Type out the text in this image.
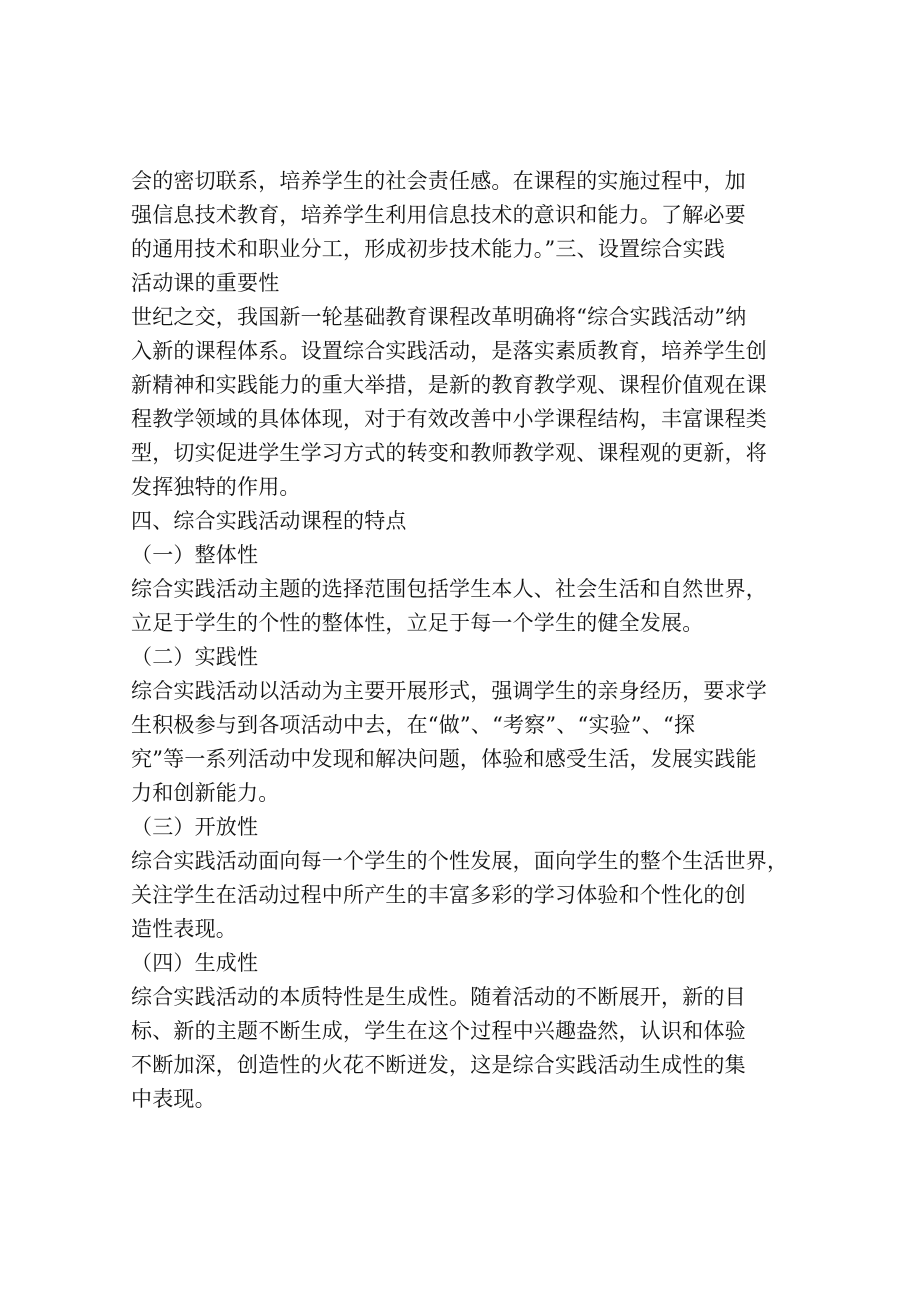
会的密切联系，培养学生的社会责任感。在课程的实施过程中，加
强信息技术教育，培养学生利用信息技术的意识和能力。了解必要
的通用技术和职业分工，形成初步技术能力。”三、设置综合实践
活动课的重要性
世纪之交，我国新一轮基础教育课程改革明确将“综合实践活动”纳
入新的课程体系。设置综合实践活动，是落实素质教育，培养学生创
新精神和实践能力的重大举措，是新的教育教学观、课程价值观在课
程教学领域的具体体现，对于有效改善中小学课程结构，丰富课程类
型，切实促进学生学习方式的转变和教师教学观、课程观的更新，将
发挥独特的作用。
四、综合实践活动课程的特点
（一）整体性
综合实践活动主题的选择范围包括学生本人、社会生活和自然世界，
立足于学生的个性的整体性，立足于每一个学生的健全发展。
（二）实践性
综合实践活动以活动为主要开展形式，强调学生的亲身经历，要求学
生积极参与到各项活动中去，在“做”、“考察”、“实验”、“探
究”等一系列活动中发现和解决问题，体验和感受生活，发展实践能
力和创新能力。
（三）开放性
综合实践活动面向每一个学生的个性发展，面向学生的整个生活世界，
关注学生在活动过程中所产生的丰富多彩的学习体验和个性化的创
造性表现。
（四）生成性
综合实践活动的本质特性是生成性。随着活动的不断展开，新的目
标、新的主题不断生成，学生在这个过程中兴趣盎然，认识和体验
不断加深，创造性的火花不断迸发，这是综合实践活动生成性的集
中表现。
